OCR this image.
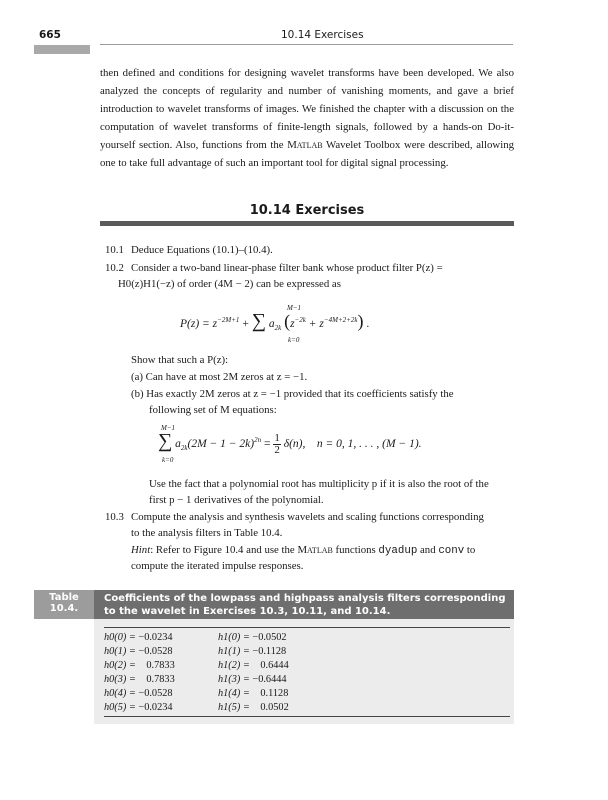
665	10.14 Exercises
then defined and conditions for designing wavelet transforms have been developed. We also analyzed the concepts of regularity and number of vanishing moments, and gave a brief introduction to wavelet transforms of images. We finished the chapter with a discussion on the computation of wavelet transforms of finite-length signals, followed by a hands-on Do-it-yourself section. Also, functions from the Matlab Wavelet Toolbox were described, allowing one to take full advantage of such an important tool for digital signal processing.
10.14 Exercises
10.1 Deduce Equations (10.1)–(10.4).
10.2 Consider a two-band linear-phase filter bank whose product filter P(z) =
H0(z)H1(−z) of order (4M − 2) can be expressed as
$P(z) = z^{-2M+1}$ + ∑ $a_{2k}$ $(z^{-2k} + z^{-4M+2+2k})$ .
M−1
k=0
Show that such a P(z):
(a) Can have at most 2M zeros at z = −1.
(b) Has exactly 2M zeros at z = −1 provided that its coefficients satisfy the
following set of M equations:
M−1
k=0
∑ $a_{2k}(2M - 1 - 2k)^{2n} = \frac{1}{2} \delta(n)$, n = 0, 1, . . . , (M − 1).
Use the fact that a polynomial root has multiplicity p if it is also the root of the
first p − 1 derivatives of the polynomial.
10.3 Compute the analysis and synthesis wavelets and scaling functions corresponding
to the analysis filters in Table 10.4.
Hint: Refer to Figure 10.4 and use the Matlab functions dyadup and conv to
compute the iterated impulse responses.
Table 10.4.
Coefficients of the lowpass and highpass analysis filters corresponding to the wavelet in Exercises 10.3, 10.11, and 10.14.
h0(0) = −0.0234	h1(0) = −0.0502
h0(1) = −0.0528	h1(1) = −0.1128
h0(2) = 0.7833	h1(2) = 0.6444
h0(3) = 0.7833	h1(3) = −0.6444
h0(4) = −0.0528	h1(4) = 0.1128
h0(5) = −0.0234	h1(5) = 0.0502
